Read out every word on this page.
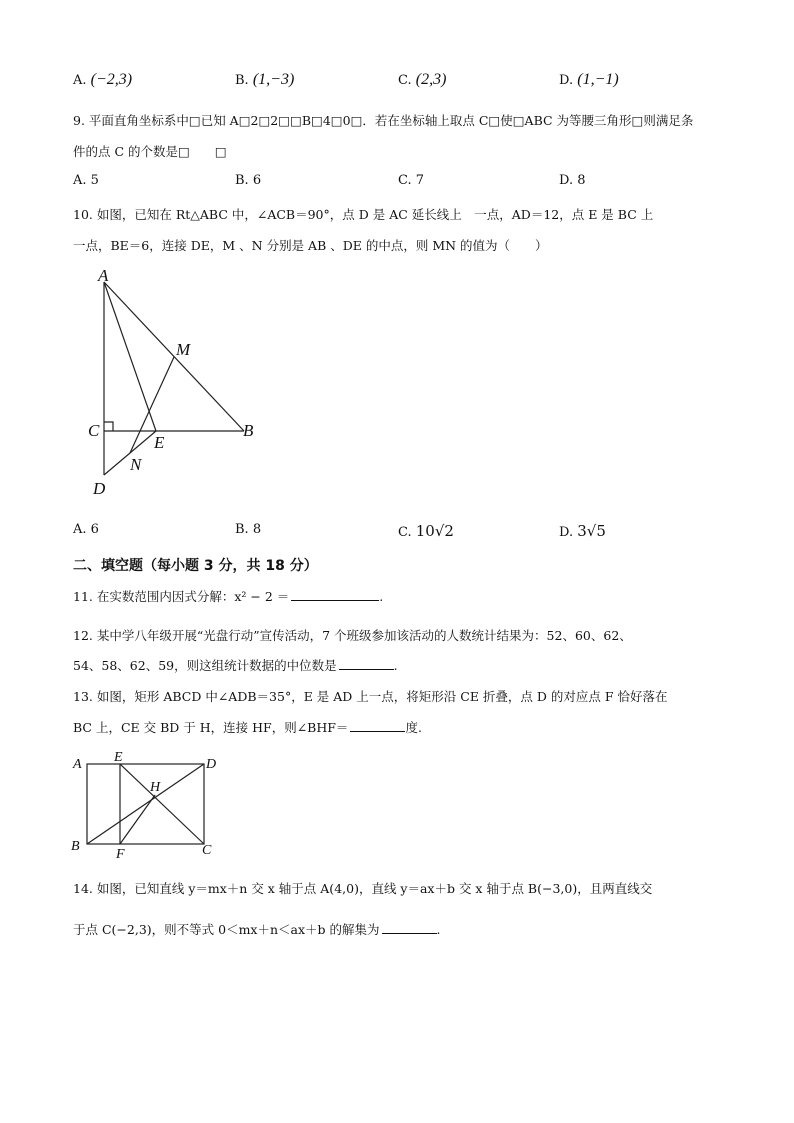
A. (−2,3)	B. (1,−3)	C. (2,3)	D. (1,−1)
9. 平面直角坐标系中□已知 A□2□2□□B□4□0□．若在坐标轴上取点 C□使□ABC 为等腰三角形□则满足条
件的点 C 的个数是□　　□
A. 5	B. 6	C. 7	D. 8
10. 如图，已知在 Rt△ABC 中，∠ACB＝90°，点 D 是 AC 延长线上　一点，AD＝12，点 E 是 BC 上
一点，BE＝6，连接 DE，M 、N 分别是 AB 、DE 的中点，则 MN 的值为（　　）
A
M
C	B
E
N
D
A. 6	B. 8	C. 10√2	D. 3√5
二、填空题（每小题 3 分，共 18 分）
11. 在实数范围内因式分解：x² − 2 ＝	.
12. 某中学八年级开展“光盘行动”宣传活动，7 个班级参加该活动的人数统计结果为：52、60、62、
54、58、62、59，则这组统计数据的中位数是	.
13. 如图，矩形 ABCD 中∠ADB＝35°，E 是 AD 上一点，将矩形沿 CE 折叠，点 D 的对应点 F 恰好落在
BC 上，CE 交 BD 于 H，连接 HF，则∠BHF＝	度.
A E	D
H
B
F	C
14. 如图，已知直线 y＝mx＋n 交 x 轴于点 A(4,0)，直线 y＝ax＋b 交 x 轴于点 B(−3,0)，且两直线交
于点 C(−2,3)，则不等式 0＜mx＋n＜ax＋b 的解集为	.
